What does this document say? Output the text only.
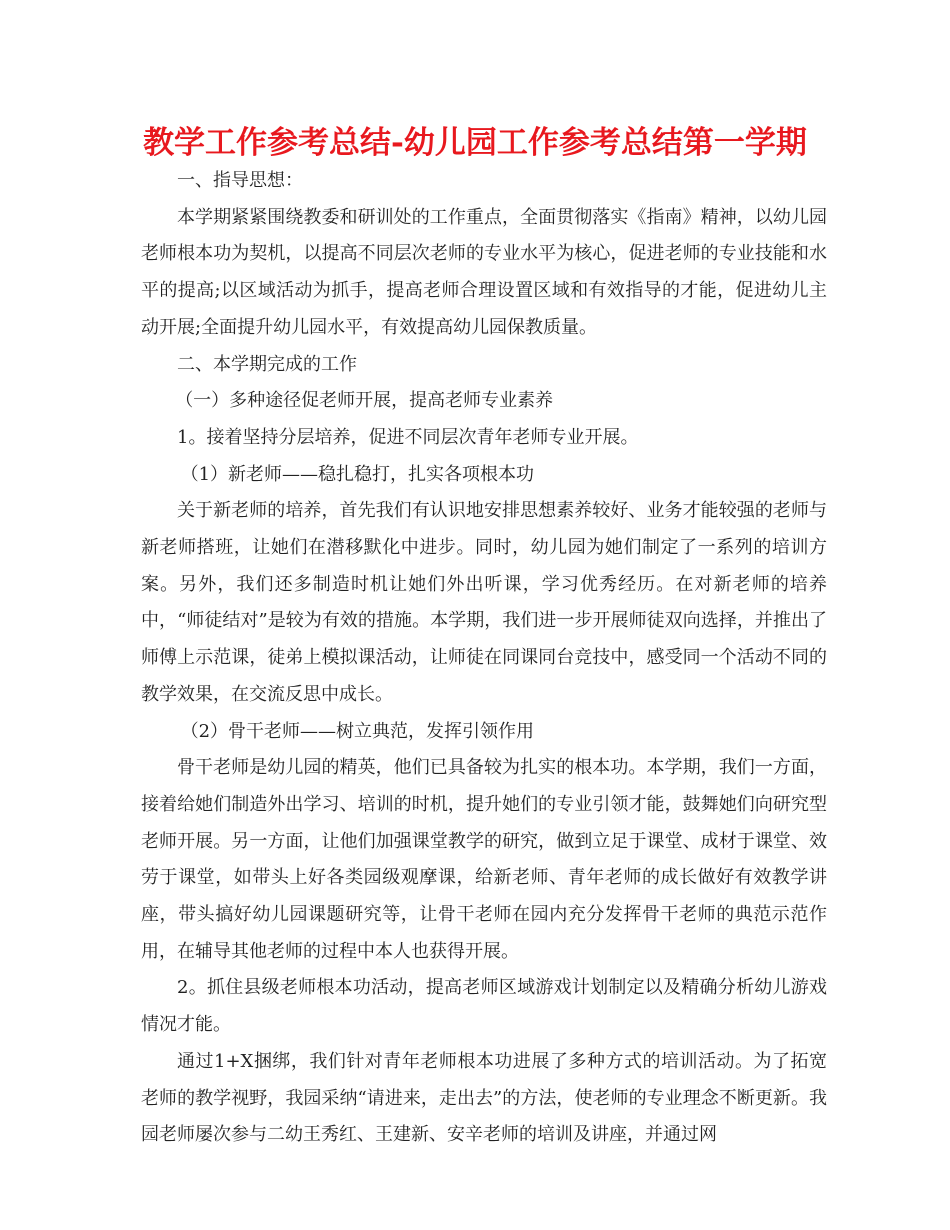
教学工作参考总结-幼儿园工作参考总结第一学期

一、指导思想：

本学期紧紧围绕教委和研训处的工作重点，全面贯彻落实《指南》精神，以幼儿园老师根本功为契机，以提高不同层次老师的专业水平为核心，促进老师的专业技能和水平的提高;以区域活动为抓手，提高老师合理设置区域和有效指导的才能，促进幼儿主动开展;全面提升幼儿园水平，有效提高幼儿园保教质量。

二、本学期完成的工作

（一）多种途径促老师开展，提高老师专业素养

1。接着坚持分层培养，促进不同层次青年老师专业开展。

（1）新老师——稳扎稳打，扎实各项根本功

关于新老师的培养，首先我们有认识地安排思想素养较好、业务才能较强的老师与新老师搭班，让她们在潜移默化中进步。同时，幼儿园为她们制定了一系列的培训方案。另外，我们还多制造时机让她们外出听课，学习优秀经历。在对新老师的培养中，“师徒结对”是较为有效的措施。本学期，我们进一步开展师徒双向选择，并推出了师傅上示范课，徒弟上模拟课活动，让师徒在同课同台竞技中，感受同一个活动不同的教学效果，在交流反思中成长。

（2）骨干老师——树立典范，发挥引领作用

骨干老师是幼儿园的精英，他们已具备较为扎实的根本功。本学期，我们一方面，接着给她们制造外出学习、培训的时机，提升她们的专业引领才能，鼓舞她们向研究型老师开展。另一方面，让他们加强课堂教学的研究，做到立足于课堂、成材于课堂、效劳于课堂，如带头上好各类园级观摩课，给新老师、青年老师的成长做好有效教学讲座，带头搞好幼儿园课题研究等，让骨干老师在园内充分发挥骨干老师的典范示范作用，在辅导其他老师的过程中本人也获得开展。

2。抓住县级老师根本功活动，提高老师区域游戏计划制定以及精确分析幼儿游戏情况才能。

通过1+X捆绑，我们针对青年老师根本功进展了多种方式的培训活动。为了拓宽老师的教学视野，我园采纳“请进来，走出去”的方法，使老师的专业理念不断更新。我园老师屡次参与二幼王秀红、王建新、安辛老师的培训及讲座，并通过网
